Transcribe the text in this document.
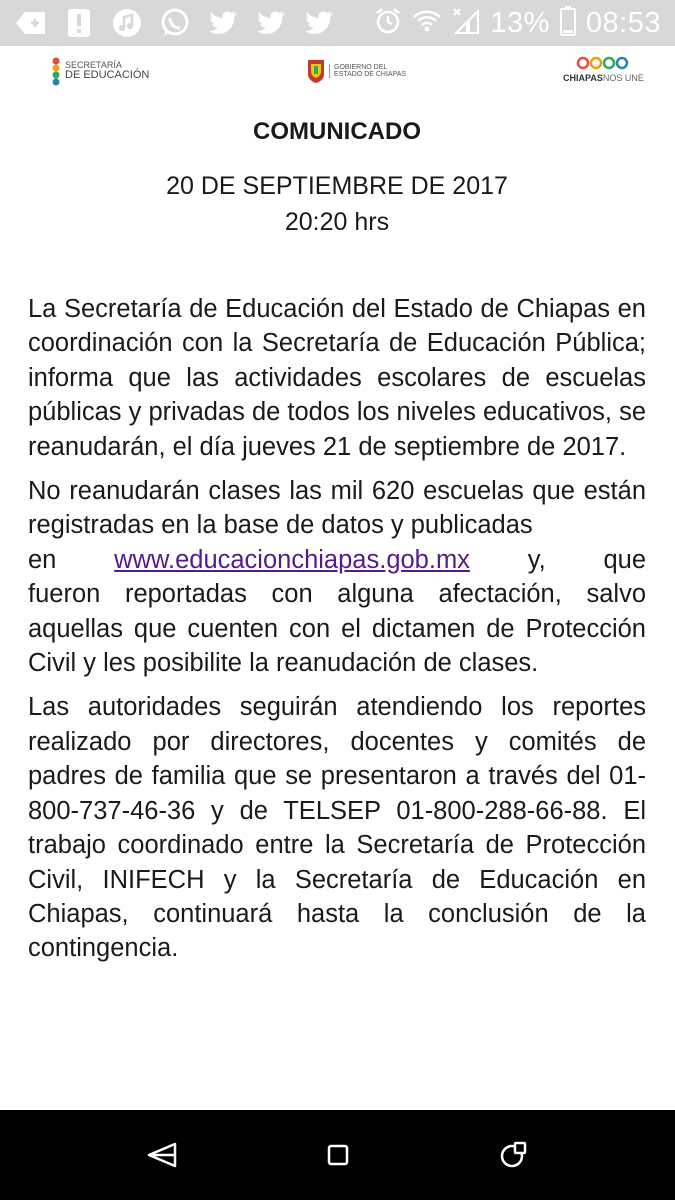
13% 08:53
SECRETARÍA
DE EDUCACIÓN
GOBIERNO DEL
ESTADO DE CHIAPAS	CHIAPASNOS UNE
COMUNICADO
20 DE SEPTIEMBRE DE 2017
20:20 hrs

La Secretaría de Educación del Estado de Chiapas en coordinación con la Secretaría de Educación Pública; informa que las actividades escolares de escuelas públicas y privadas de todos los niveles educativos, se reanudarán, el día jueves 21 de septiembre de 2017.

No reanudarán clases las mil 620 escuelas que están registradas en la base de datos y publicadas

en www.educacionchiapas.gob.mx y, que

fueron reportadas con alguna afectación, salvo aquellas que cuenten con el dictamen de Protección Civil y les posibilite la reanudación de clases.

Las autoridades seguirán atendiendo los reportes realizado por directores, docentes y comités de padres de familia que se presentaron a través del 01-800-737-46-36 y de TELSEP 01-800-288-66-88. El trabajo coordinado entre la Secretaría de Protección Civil, INIFECH y la Secretaría de Educación en Chiapas, continuará hasta la conclusión de la contingencia.
